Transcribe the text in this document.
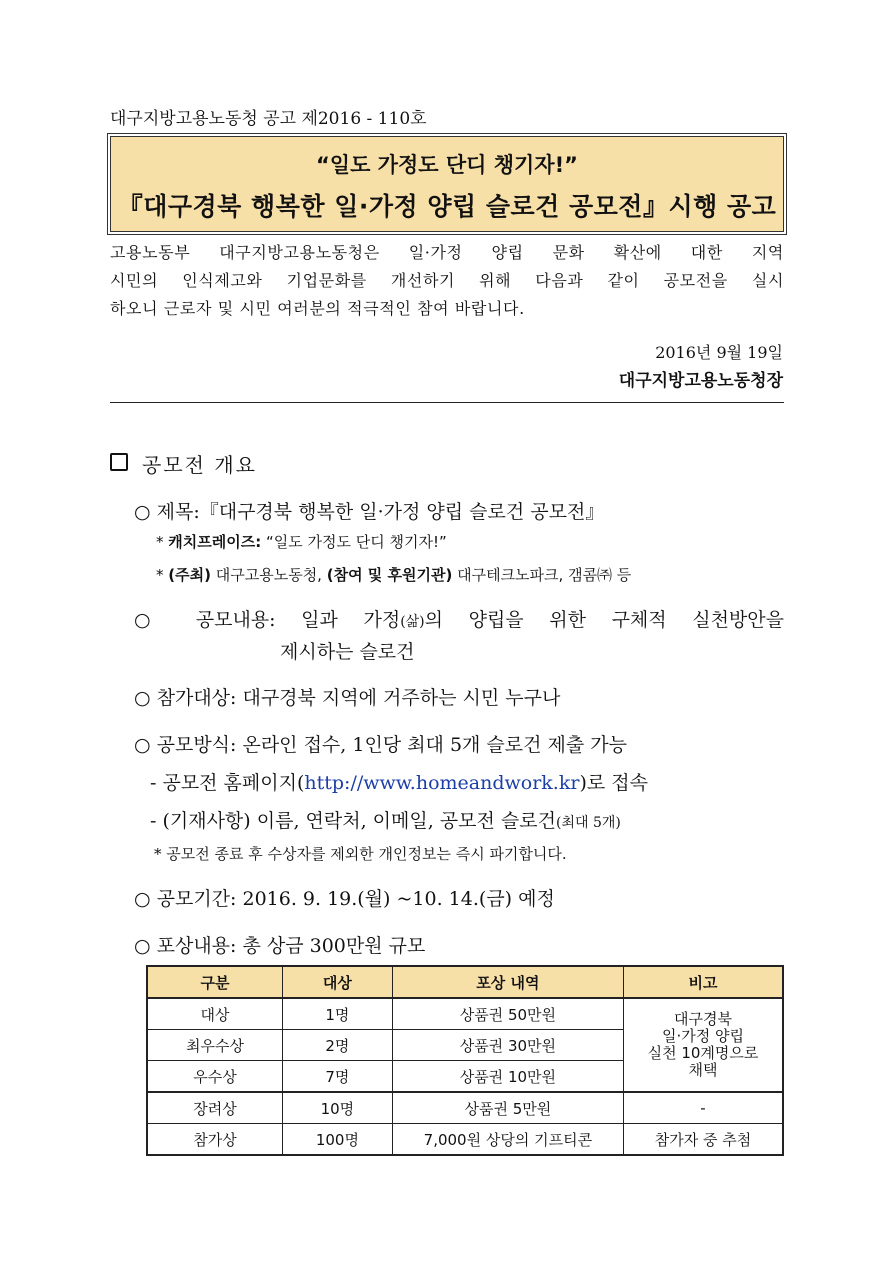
대구지방고용노동청 공고 제2016 - 110호
“일도 가정도 단디 챙기자!”
『대구경북 행복한 일·가정 양립 슬로건 공모전』시행 공고
고용노동부 대구지방고용노동청은 일·가정 양립 문화 확산에 대한 지역
시민의 인식제고와 기업문화를 개선하기 위해 다음과 같이 공모전을 실시
하오니 근로자 및 시민 여러분의 적극적인 참여 바랍니다.
2016년 9월 19일
대구지방고용노동청장
공모전 개요
○ 제목:『대구경북 행복한 일·가정 양립 슬로건 공모전』
* 캐치프레이즈: “일도 가정도 단디 챙기자!”
* (주최) 대구고용노동청, (참여 및 후원기관) 대구테크노파크, 갬콤㈜ 등
○ 공모내용: 일과 가정(삶)의 양립을 위한 구체적 실천방안을
제시하는 슬로건
○ 참가대상: 대구경북 지역에 거주하는 시민 누구나
○ 공모방식: 온라인 접수, 1인당 최대 5개 슬로건 제출 가능
- 공모전 홈페이지(http://www.homeandwork.kr)로 접속
- (기재사항) 이름, 연락처, 이메일, 공모전 슬로건(최대 5개)
* 공모전 종료 후 수상자를 제외한 개인정보는 즉시 파기합니다.
○ 공모기간: 2016. 9. 19.(월) ~10. 14.(금) 예정
○ 포상내용: 총 상금 300만원 규모
구분	대상	포상 내역	비고
대상	1명	상품권 50만원	대구경북
일·가정 양립
실천 10계명으로
채택

최우수상	2명	상품권 30만원	
우수상	7명	상품권 10만원	
장려상	10명	상품권 5만원	-
참가상	100명	7,000원 상당의 기프티콘	참가자 중 추첨
